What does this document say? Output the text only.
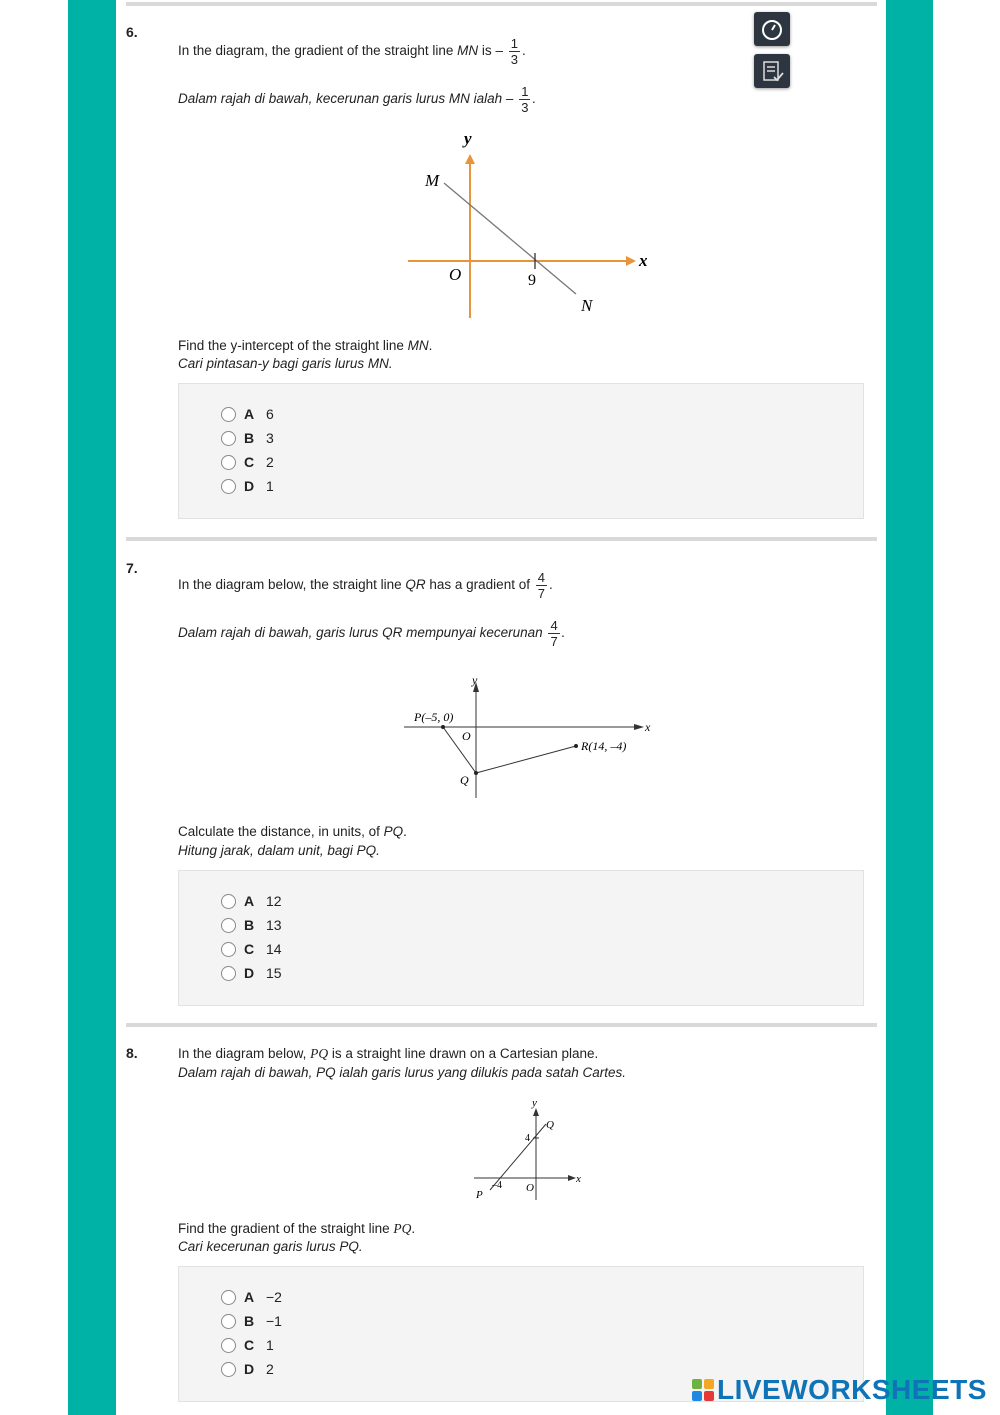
6.
In the diagram, the gradient of the straight line MN is – $\frac{1}{3}$ .
Dalam rajah di bawah, kecerunan garis lurus MN ialah – $\frac{1}{3}$ .
y
x
M
N
O	9
Find the y-intercept of the straight line MN.
Cari pintasan-y bagi garis lurus MN.
A 6
B 3
C 2
D 1
7.
In the diagram below, the straight line QR has a gradient of $\frac{4}{7}$ .
Dalam rajah di bawah, garis lurus QR mempunyai kecerunan $\frac{4}{7}$ .
y
x
P(–5, 0)
O
R(14, –4)
Q
Calculate the distance, in units, of PQ.
Hitung jarak, dalam unit, bagi PQ.
A 12
B 13
C 14
D 15
8.	In the diagram below, PQ is a straight line drawn on a Cartesian plane.
Dalam rajah di bawah, PQ ialah garis lurus yang dilukis pada satah Cartes.
y
x
Q
4
–4 O
P
Find the gradient of the straight line PQ.
Cari kecerunan garis lurus PQ.
A −2
B −1
C 1
D 2
LIVEWORKSHEETS
